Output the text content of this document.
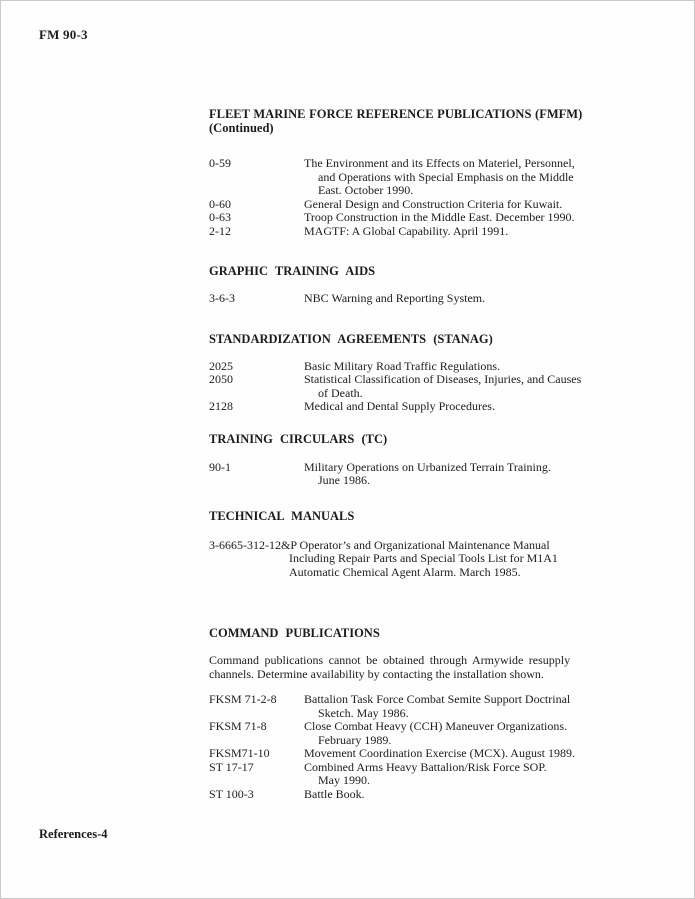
FM 90-3
FLEET MARINE FORCE REFERENCE PUBLICATIONS (FMFM)
(Continued)
0-59	The Environment and its Effects on Materiel, Personnel,
and Operations with Special Emphasis on the Middle
East. October 1990.
0-60	General Design and Construction Criteria for Kuwait.
0-63	Troop Construction in the Middle East. December 1990.
2-12	MAGTF: A Global Capability. April 1991.
GRAPHIC TRAINING AIDS
3-6-3	NBC Warning and Reporting System.
STANDARDIZATION AGREEMENTS (STANAG)
2025	Basic Military Road Traffic Regulations.
2050	Statistical Classification of Diseases, Injuries, and Causes
of Death.
2128	Medical and Dental Supply Procedures.
TRAINING CIRCULARS (TC)
90-1	Military Operations on Urbanized Terrain Training.
June 1986.
TECHNICAL MANUALS
3-6665-312-12&P Operator’s and Organizational Maintenance Manual
Including Repair Parts and Special Tools List for M1A1
Automatic Chemical Agent Alarm. March 1985.
COMMAND PUBLICATIONS
Command publications cannot be obtained through Armywide resupply
channels. Determine availability by contacting the installation shown.
FKSM 71-2-8	Battalion Task Force Combat Semite Support Doctrinal
Sketch. May 1986.
FKSM 71-8	Close Combat Heavy (CCH) Maneuver Organizations.
February 1989.
FKSM71-10	Movement Coordination Exercise (MCX). August 1989.
ST 17-17	Combined Arms Heavy Battalion/Risk Force SOP.
May 1990.
ST 100-3	Battle Book.
References-4
